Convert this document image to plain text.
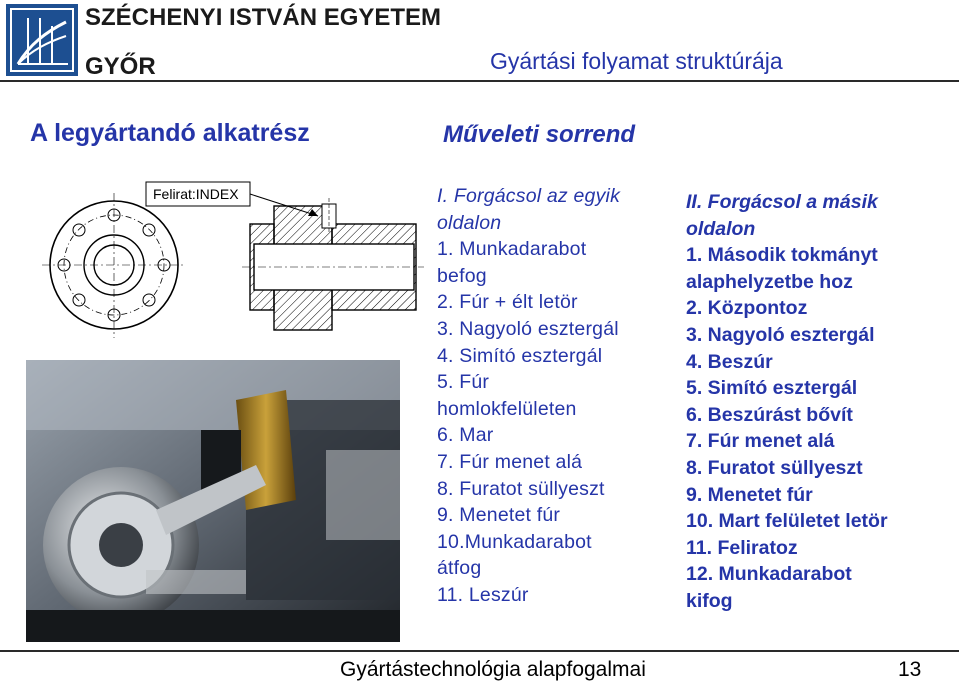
SZÉCHENYI ISTVÁN EGYETEM
GYŐR	Gyártási folyamat struktúrája
A legyártandó alkatrész	Műveleti sorrend
Felirat:INDEX	I. Forgácsol az egyik
oldalon
1. Munkadarabot
befog
2. Fúr + élt letör
3. Nagyoló esztergál
4. Simító esztergál
5. Fúr
homlokfelületen
6. Mar
7. Fúr menet alá
8. Furatot süllyeszt
9. Menetet fúr
10.Munkadarabot
átfog
11. Leszúr
II. Forgácsol a másik
oldalon
1. Második tokmányt
alaphelyzetbe hoz
2. Központoz
3. Nagyoló esztergál
4. Beszúr
5. Simító esztergál
6. Beszúrást bővít
7. Fúr menet alá
8. Furatot süllyeszt
9. Menetet fúr
10. Mart felületet letör
11. Feliratoz
12. Munkadarabot
kifog
Gyártástechnológia alapfogalmai	13
